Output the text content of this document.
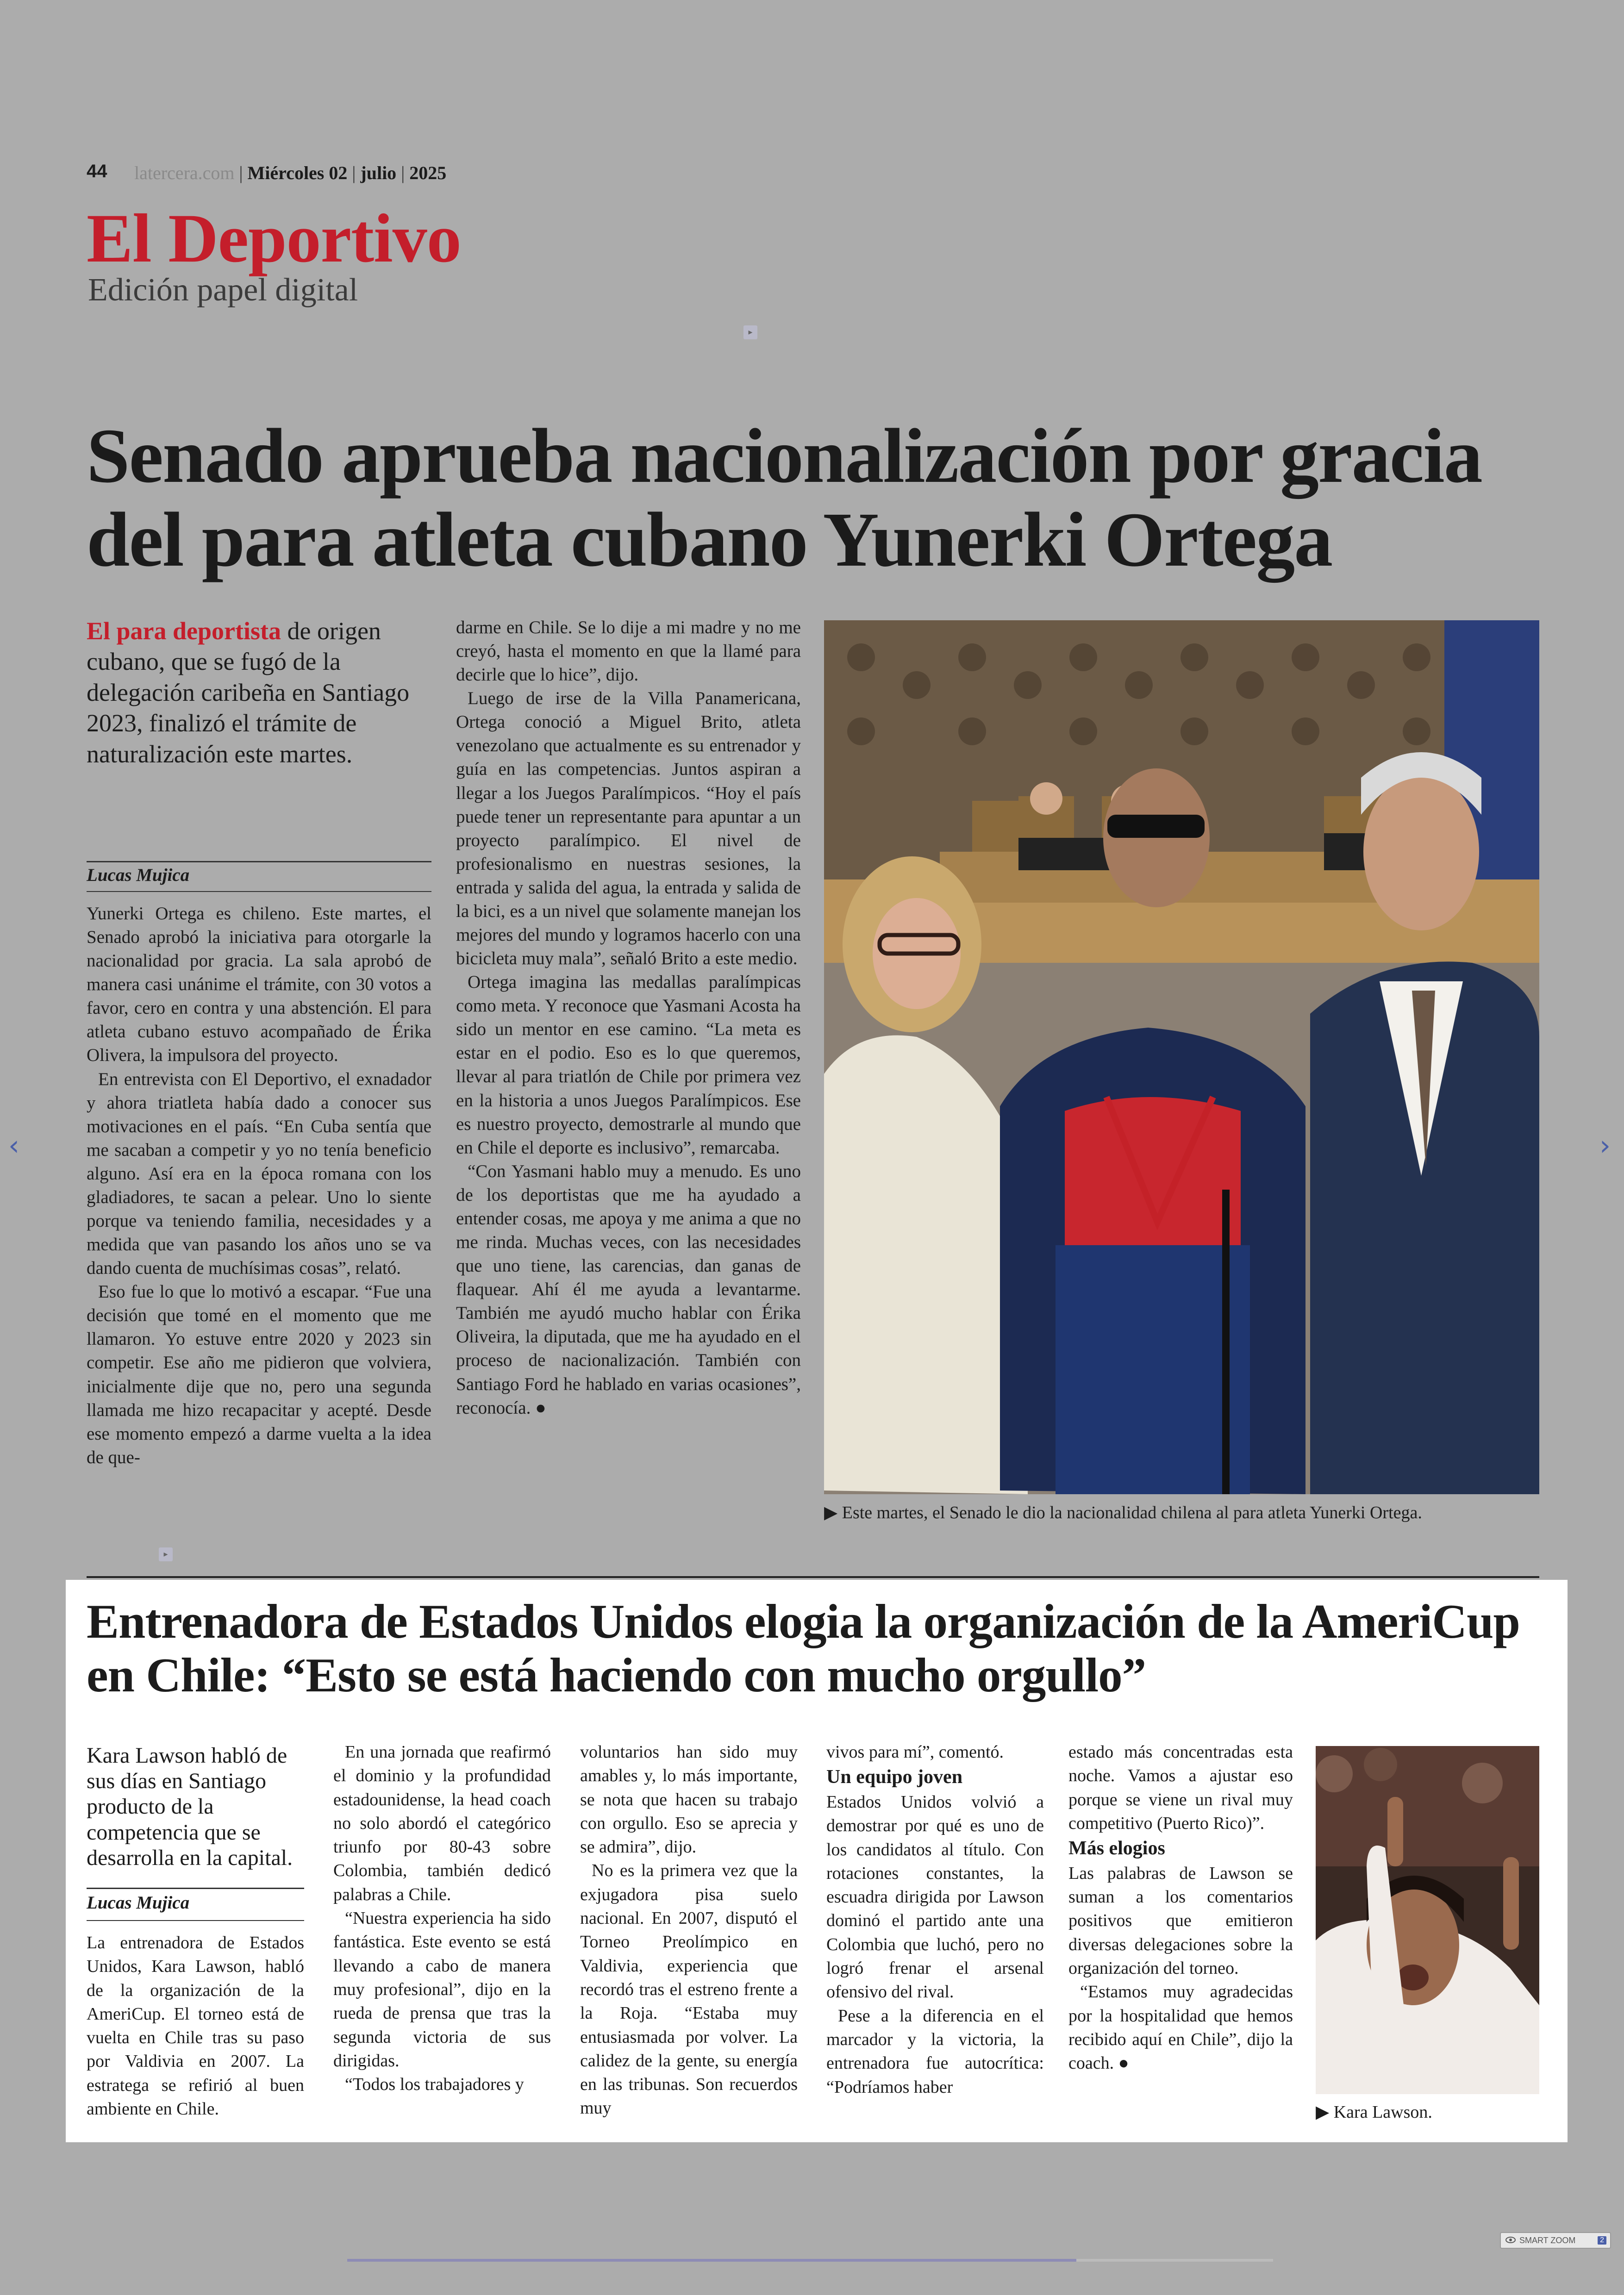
44 latercera.com | Miércoles 02 | julio | 2025
El Deportivo
Edición papel digital
▸
Senado aprueba nacionalización por gracia del para atleta cubano Yunerki Ortega
El para deportista de origen cubano, que se fugó de la delegación caribeña en Santiago 2023, finalizó el trámite de naturalización este martes.
Lucas Mujica

Yunerki Ortega es chileno. Este martes, el Senado aprobó la iniciativa para otorgarle la nacionalidad por gracia. La sala aprobó de manera casi unánime el trámite, con 30 votos a favor, cero en contra y una abstención. El para atleta cubano estuvo acompañado de Érika Olivera, la impulsora del proyecto.

En entrevista con El Deportivo, el exnadador y ahora triatleta había dado a conocer sus motivaciones en el país. “En Cuba sentía que me sacaban a competir y yo no tenía beneficio alguno. Así era en la época romana con los gladiadores, te sacan a pelear. Uno lo siente porque va teniendo familia, necesidades y a medida que van pasando los años uno se va dando cuenta de muchísimas cosas”, relató.

Eso fue lo que lo motivó a escapar. “Fue una decisión que tomé en el momento que me llamaron. Yo estuve entre 2020 y 2023 sin competir. Ese año me pidieron que volviera, inicialmente dije que no, pero una segunda llamada me hizo recapacitar y acepté. Desde ese momento empezó a darme vuelta a la idea de que-

▸

darme en Chile. Se lo dije a mi madre y no me creyó, hasta el momento en que la llamé para decirle que lo hice”, dijo.

Luego de irse de la Villa Panamericana, Ortega conoció a Miguel Brito, atleta venezolano que actualmente es su entrenador y guía en las competencias. Juntos aspiran a llegar a los Juegos Paralímpicos. “Hoy el país puede tener un representante para apuntar a un proyecto paralímpico. El nivel de profesionalismo en nuestras sesiones, la entrada y salida del agua, la entrada y salida de la bici, es a un nivel que solamente manejan los mejores del mundo y logramos hacerlo con una bicicleta muy mala”, señaló Brito a este medio.

Ortega imagina las medallas paralímpicas como meta. Y reconoce que Yasmani Acosta ha sido un mentor en ese camino. “La meta es estar en el podio. Eso es lo que queremos, llevar al para triatlón de Chile por primera vez en la historia a unos Juegos Paralímpicos. Ese es nuestro proyecto, demostrarle al mundo que en Chile el deporte es inclusivo”, remarcaba.

“Con Yasmani hablo muy a menudo. Es uno de los deportistas que me ha ayudado a entender cosas, me apoya y me anima a que no me rinda. Muchas veces, con las necesidades que uno tiene, las carencias, dan ganas de flaquear. Ahí él me ayuda a levantarme. También me ayudó mucho hablar con Érika Oliveira, la diputada, que me ha ayudado en el proceso de nacionalización. También con Santiago Ford he hablado en varias ocasiones”, reconocía. ●

▶ Este martes, el Senado le dio la nacionalidad chilena al para atleta Yunerki Ortega.
‹	›
Entrenadora de Estados Unidos elogia la organización de la AmeriCup en Chile: “Esto se está haciendo con mucho orgullo”
Kara Lawson habló de sus días en Santiago producto de la competencia que se desarrolla en la capital.
Lucas Mujica

La entrenadora de Estados Unidos, Kara Lawson, habló de la organización de la AmeriCup. El torneo está de vuelta en Chile tras su paso por Valdivia en 2007. La estratega se refirió al buen ambiente en Chile.

En una jornada que reafirmó el dominio y la profundidad estadounidense, la head coach no solo abordó el categórico triunfo por 80-43 sobre Colombia, también dedicó palabras a Chile.

“Nuestra experiencia ha sido fantástica. Este evento se está llevando a cabo de manera muy profesional”, dijo en la rueda de prensa que tras la segunda victoria de sus dirigidas.

“Todos los trabajadores y

voluntarios han sido muy amables y, lo más importante, se nota que hacen su trabajo con orgullo. Eso se aprecia y se admira”, dijo.

No es la primera vez que la exjugadora pisa suelo nacional. En 2007, disputó el Torneo Preolímpico en Valdivia, experiencia que recordó tras el estreno frente a la Roja. “Estaba muy entusiasmada por volver. La calidez de la gente, su energía en las tribunas. Son recuerdos muy

vivos para mí”, comentó.

Un equipo joven

Estados Unidos volvió a demostrar por qué es uno de los candidatos al título. Con rotaciones constantes, la escuadra dirigida por Lawson dominó el partido ante una Colombia que luchó, pero no logró frenar el arsenal ofensivo del rival.

Pese a la diferencia en el marcador y la victoria, la entrenadora fue autocrítica: “Podríamos haber

estado más concentradas esta noche. Vamos a ajustar eso porque se viene un rival muy competitivo (Puerto Rico)”.

Más elogios

Las palabras de Lawson se suman a los comentarios positivos que emitieron diversas delegaciones sobre la organización del torneo.

“Estamos muy agradecidas por la hospitalidad que hemos recibido aquí en Chile”, dijo la coach. ●

▶ Kara Lawson.
SMART ZOOM	2
